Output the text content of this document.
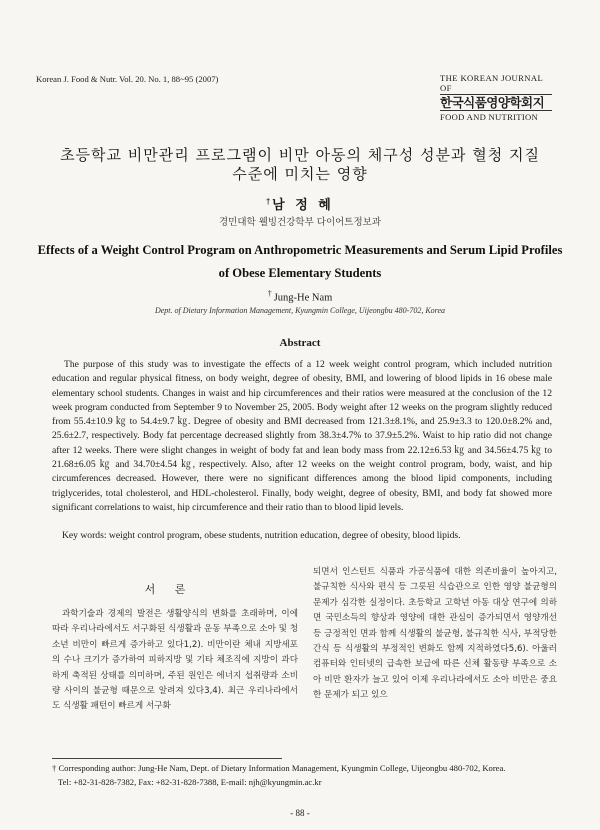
Korean J. Food & Nutr. Vol. 20. No. 1, 88~95 (2007)	THE KOREAN JOURNAL OF
한국식품영양학회지
FOOD AND NUTRITION
초등학교 비만관리 프로그램이 비만 아동의 체구성 성분과 혈청 지질
수준에 미치는 영향
† 남 정 혜
경민대학 웰빙건강학부 다이어트정보과
Effects of a Weight Control Program on Anthropometric Measurements and Serum Lipid Profiles
of Obese Elementary Students
† Jung-He Nam
Dept. of Dietary Information Management, Kyungmin College, Uijeongbu 480-702, Korea
Abstract
The purpose of this study was to investigate the effects of a 12 week weight control program, which included nutrition education and regular physical fitness, on body weight, degree of obesity, BMI, and lowering of blood lipids in 16 obese male elementary school students. Changes in waist and hip circumferences and their ratios were measured at the conclusion of the 12 week program conducted from September 9 to November 25, 2005. Body weight after 12 weeks on the program slightly reduced from 55.4±10.9 ㎏ to 54.4±9.7 ㎏. Degree of obesity and BMI decreased from 121.3±8.1%, and 25.9±3.3 to 120.0±8.2% and, 25.6±2.7, respectively. Body fat percentage decreased slightly from 38.3±4.7% to 37.9±5.2%. Waist to hip ratio did not change after 12 weeks. There were slight changes in weight of body fat and lean body mass from 22.12±6.53 ㎏ and 34.56±4.75 ㎏ to 21.68±6.05 ㎏ and 34.70±4.54 ㎏, respectively. Also, after 12 weeks on the weight control program, body, waist, and hip circumferences decreased. However, there were no significant differences among the blood lipid components, including triglycerides, total cholesterol, and HDL-cholesterol. Finally, body weight, degree of obesity, BMI, and body fat showed more significant correlations to waist, hip circumference and their ratio than to blood lipid levels.
Key words: weight control program, obese students, nutrition education, degree of obesity, blood lipids.
서 론
과학기술과 경제의 발전은 생활양식의 변화를 초래하며, 이에 따라 우리나라에서도 서구화된 식생활과 운동 부족으로 소아 및 청소년 비만이 빠르게 증가하고 있다1,2). 비만이란 체내 지방세포의 수나 크기가 증가하여 피하지방 및 기타 체조직에 지방이 과다하게 축적된 상태를 의미하며, 주된 원인은 에너지 섭취량과 소비량 사이의 불균형 때문으로 알려져 있다3,4). 최근 우리나라에서도 식생활 패턴이 빠르게 서구화
되면서 인스턴트 식품과 가공식품에 대한 의존비율이 높아지고, 불규칙한 식사와 편식 등 그릇된 식습관으로 인한 영양 불균형의 문제가 심각한 실정이다. 초등학교 고학년 아동 대상 연구에 의하면 국민소득의 향상과 영양에 대한 관심이 증가되면서 영양개선 등 긍정적인 면과 함께 식생활의 불균형, 불규칙한 식사, 부적당한 간식 등 식생활의 부정적인 변화도 함께 지적하였다5,6). 아울러 컴퓨터와 인터넷의 급속한 보급에 따른 신체 활동량 부족으로 소아 비만 환자가 늘고 있어 이제 우리나라에서도 소아 비만은 중요한 문제가 되고 있으
† Corresponding author: Jung-He Nam, Dept. of Dietary Information Management, Kyungmin College, Uijeongbu 480-702, Korea.
Tel: +82-31-828-7382, Fax: +82-31-828-7388, E-mail: njh@kyungmin.ac.kr
- 88 -
